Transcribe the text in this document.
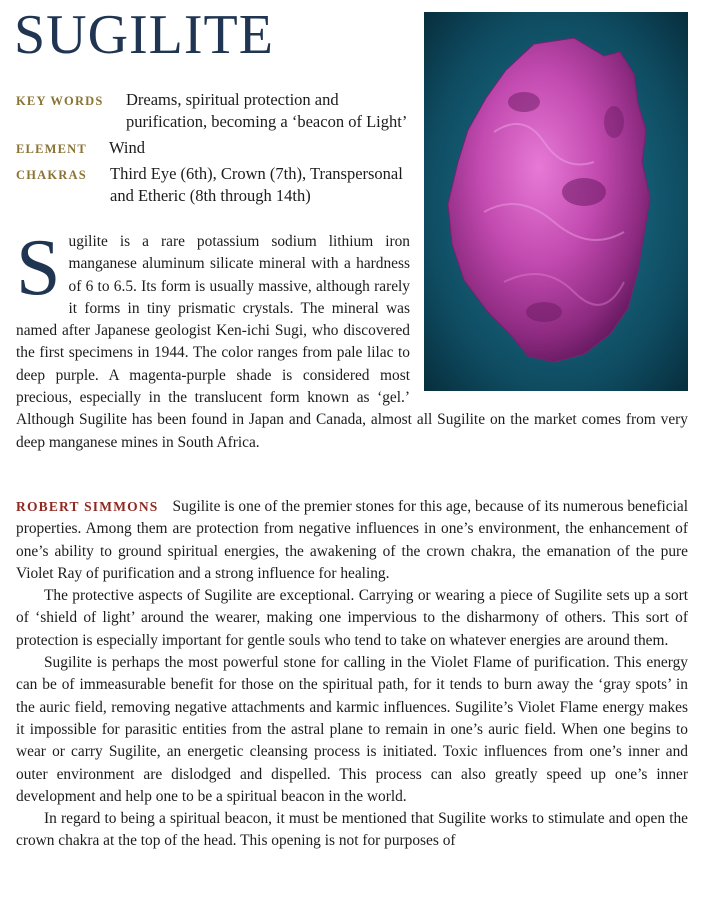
SUGILITE
KEY WORDS	Dreams, spiritual protection and purification, becoming a ‘beacon of Light’
ELEMENT Wind
CHAKRAS Third Eye (6th), Crown (7th), Transpersonal and Etheric (8th through 14th)
S ugilite is a rare potassium sodium lithium iron manganese aluminum silicate mineral with a hardness of 6 to 6.5. Its form is usually massive, although rarely it forms in tiny prismatic crystals. The mineral was named after Japanese geologist Ken-ichi Sugi, who discovered the first specimens in 1944. The color ranges from pale lilac to deep purple. A magenta-purple shade is considered most precious, especially in the translucent form known as ‘gel.’ Although Sugilite has been found in Japan and Canada, almost all Sugilite on the market comes from very deep manganese mines in South Africa.

ROBERT SIMMONS Sugilite is one of the premier stones for this age, because of its numerous beneficial properties. Among them are protection from negative influences in one’s environment, the enhancement of one’s ability to ground spiritual energies, the awakening of the crown chakra, the emanation of the pure Violet Ray of purification and a strong influence for healing.

The protective aspects of Sugilite are exceptional. Carrying or wearing a piece of Sugilite sets up a sort of ‘shield of light’ around the wearer, making one impervious to the disharmony of others. This sort of protection is especially important for gentle souls who tend to take on whatever energies are around them.

Sugilite is perhaps the most powerful stone for calling in the Violet Flame of purification. This energy can be of immeasurable benefit for those on the spiritual path, for it tends to burn away the ‘gray spots’ in the auric field, removing negative attachments and karmic influences. Sugilite’s Violet Flame energy makes it impossible for parasitic entities from the astral plane to remain in one’s auric field. When one begins to wear or carry Sugilite, an energetic cleansing process is initiated. Toxic influences from one’s inner and outer environment are dislodged and dispelled. This process can also greatly speed up one’s inner development and help one to be a spiritual beacon in the world.

In regard to being a spiritual beacon, it must be mentioned that Sugilite works to stimulate and open the crown chakra at the top of the head. This opening is not for purposes of
